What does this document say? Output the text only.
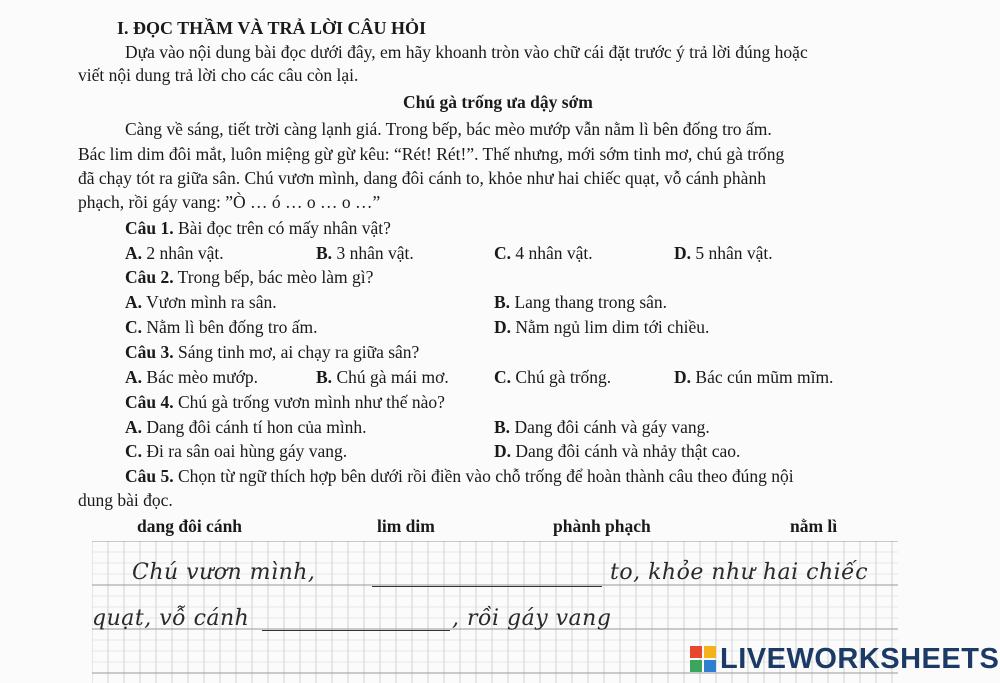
I. ĐỌC THẦM VÀ TRẢ LỜI CÂU HỎI
Dựa vào nội dung bài đọc dưới đây, em hãy khoanh tròn vào chữ cái đặt trước ý trả lời đúng hoặc
viết nội dung trả lời cho các câu còn lại.
Chú gà trống ưa dậy sớm
Càng về sáng, tiết trời càng lạnh giá. Trong bếp, bác mèo mướp vẫn nằm lì bên đống tro ấm.
Bác lim dim đôi mắt, luôn miệng gừ gừ kêu: “Rét! Rét!”. Thế nhưng, mới sớm tinh mơ, chú gà trống
đã chạy tót ra giữa sân. Chú vươn mình, dang đôi cánh to, khỏe như hai chiếc quạt, vỗ cánh phành
phạch, rồi gáy vang: ”Ò … ó … o … o …”
Câu 1. Bài đọc trên có mấy nhân vật?
A. 2 nhân vật.	B. 3 nhân vật.	C. 4 nhân vật.	D. 5 nhân vật.
Câu 2. Trong bếp, bác mèo làm gì?
A. Vươn mình ra sân.	B. Lang thang trong sân.
C. Nằm lì bên đống tro ấm.	D. Nằm ngủ lim dim tới chiều.
Câu 3. Sáng tinh mơ, ai chạy ra giữa sân?
A. Bác mèo mướp.	B. Chú gà mái mơ.	C. Chú gà trống.	D. Bác cún mũm mĩm.
Câu 4. Chú gà trống vươn mình như thế nào?
A. Dang đôi cánh tí hon của mình.	B. Dang đôi cánh và gáy vang.
C. Đi ra sân oai hùng gáy vang.	D. Dang đôi cánh và nhảy thật cao.
Câu 5. Chọn từ ngữ thích hợp bên dưới rồi điền vào chỗ trống để hoàn thành câu theo đúng nội
dung bài đọc.
dang đôi cánh	lim dim	phành phạch	nằm lì
Chú vươn mình,	to, khỏe như hai chiếc
quạt, vỗ cánh	, rồi gáy vang
LIVEWORKSHEETS
